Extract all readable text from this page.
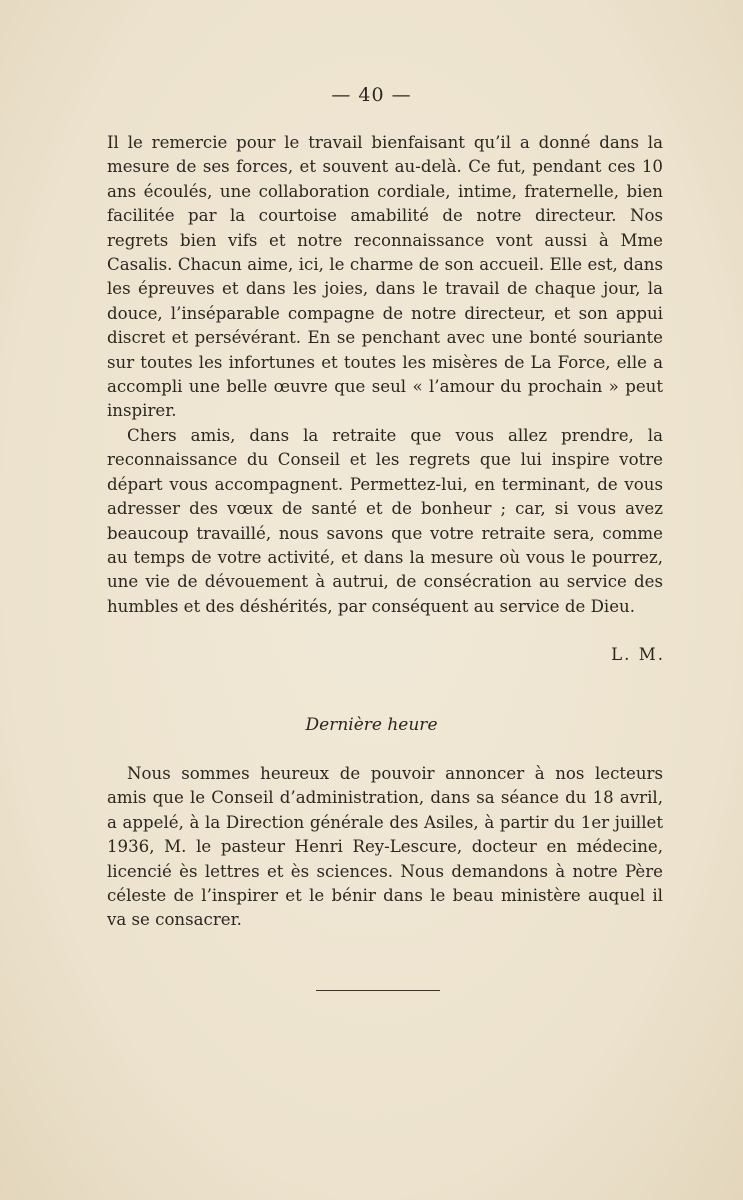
— 40 —

Il le remercie pour le travail bienfaisant qu’il a donné dans la mesure de ses forces, et souvent au-delà. Ce fut, pendant ces 10 ans écoulés, une collaboration cordiale, intime, fraternelle, bien facilitée par la courtoise amabilité de notre directeur. Nos regrets bien vifs et notre reconnaissance vont aussi à Mme Casalis. Chacun aime, ici, le charme de son accueil. Elle est, dans les épreuves et dans les joies, dans le travail de chaque jour, la douce, l’inséparable compagne de notre directeur, et son appui discret et persévérant. En se penchant avec une bonté souriante sur toutes les infortunes et toutes les misères de La Force, elle a accompli une belle œuvre que seul « l’amour du prochain » peut inspirer.

Chers amis, dans la retraite que vous allez prendre, la reconnaissance du Conseil et les regrets que lui inspire votre départ vous accompagnent. Permettez-lui, en terminant, de vous adresser des vœux de santé et de bonheur ; car, si vous avez beaucoup travaillé, nous savons que votre retraite sera, comme au temps de votre activité, et dans la mesure où vous le pourrez, une vie de dévouement à autrui, de consécration au service des humbles et des déshérités, par conséquent au service de Dieu.

L. M.
Dernière heure

Nous sommes heureux de pouvoir annoncer à nos lecteurs amis que le Conseil d’administration, dans sa séance du 18 avril, a appelé, à la Direction générale des Asiles, à partir du 1er juillet 1936, M. le pasteur Henri Rey-Lescure, docteur en médecine, licencié ès lettres et ès sciences. Nous demandons à notre Père céleste de l’inspirer et le bénir dans le beau ministère auquel il va se consacrer.
